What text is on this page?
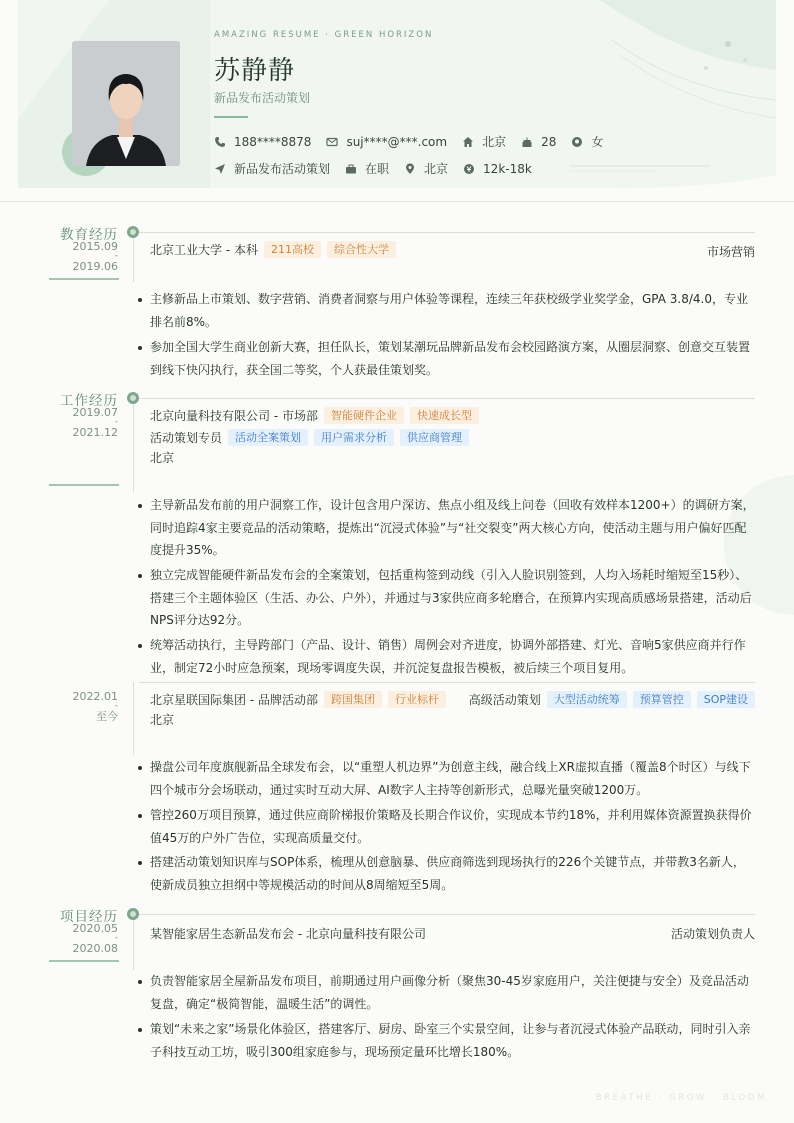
AMAZING RESUME · GREEN HORIZON
苏静静
新品发布活动策划
188****8878	suj****@***.com	北京	28	女
新品发布活动策划	在职	北京	12k-18k
教育经历
2015.09
-
2019.06
北京工业大学 - 本科	211高校	综合性大学	市场营销
主修新品上市策划、数字营销、消费者洞察与用户体验等课程，连续三年获校级学业奖学金，GPA 3.8/4.0，专业排名前8%。
参加全国大学生商业创新大赛，担任队长，策划某潮玩品牌新品发布会校园路演方案，从圈层洞察、创意交互装置到线下快闪执行，获全国二等奖，个人获最佳策划奖。
工作经历
2019.07
-
2021.12
北京向量科技有限公司 - 市场部	智能硬件企业	快速成长型
活动策划专员	活动全案策划	用户需求分析	供应商管理
北京
主导新品发布前的用户洞察工作，设计包含用户深访、焦点小组及线上问卷（回收有效样本1200+）的调研方案，同时追踪4家主要竞品的活动策略，提炼出“沉浸式体验”与“社交裂变”两大核心方向，使活动主题与用户偏好匹配度提升35%。
独立完成智能硬件新品发布会的全案策划，包括重构签到动线（引入人脸识别签到，人均入场耗时缩短至15秒）、搭建三个主题体验区（生活、办公、户外），并通过与3家供应商多轮磨合，在预算内实现高质感场景搭建，活动后NPS评分达92分。
统筹活动执行，主导跨部门（产品、设计、销售）周例会对齐进度，协调外部搭建、灯光、音响5家供应商并行作业，制定72小时应急预案，现场零调度失误，并沉淀复盘报告模板，被后续三个项目复用。
2022.01
-
至今
北京星联国际集团 - 品牌活动部	跨国集团	行业标杆	高级活动策划	大型活动统筹	预算管控	SOP建设
北京
操盘公司年度旗舰新品全球发布会，以“重塑人机边界”为创意主线，融合线上XR虚拟直播（覆盖8个时区）与线下四个城市分会场联动，通过实时互动大屏、AI数字人主持等创新形式，总曝光量突破1200万。
管控260万项目预算，通过供应商阶梯报价策略及长期合作议价，实现成本节约18%，并利用媒体资源置换获得价值45万的户外广告位，实现高质量交付。
搭建活动策划知识库与SOP体系，梳理从创意脑暴、供应商筛选到现场执行的226个关键节点，并带教3名新人，使新成员独立担纲中等规模活动的时间从8周缩短至5周。
项目经历
2020.05
-
2020.08
某智能家居生态新品发布会 - 北京向量科技有限公司	活动策划负责人
负责智能家居全屋新品发布项目，前期通过用户画像分析（聚焦30-45岁家庭用户，关注便捷与安全）及竞品活动复盘，确定“极简智能，温暖生活”的调性。
策划“未来之家”场景化体验区，搭建客厅、厨房、卧室三个实景空间，让参与者沉浸式体验产品联动，同时引入亲子科技互动工坊，吸引300组家庭参与，现场预定量环比增长180%。
BREATHE · GROW · BLOOM
